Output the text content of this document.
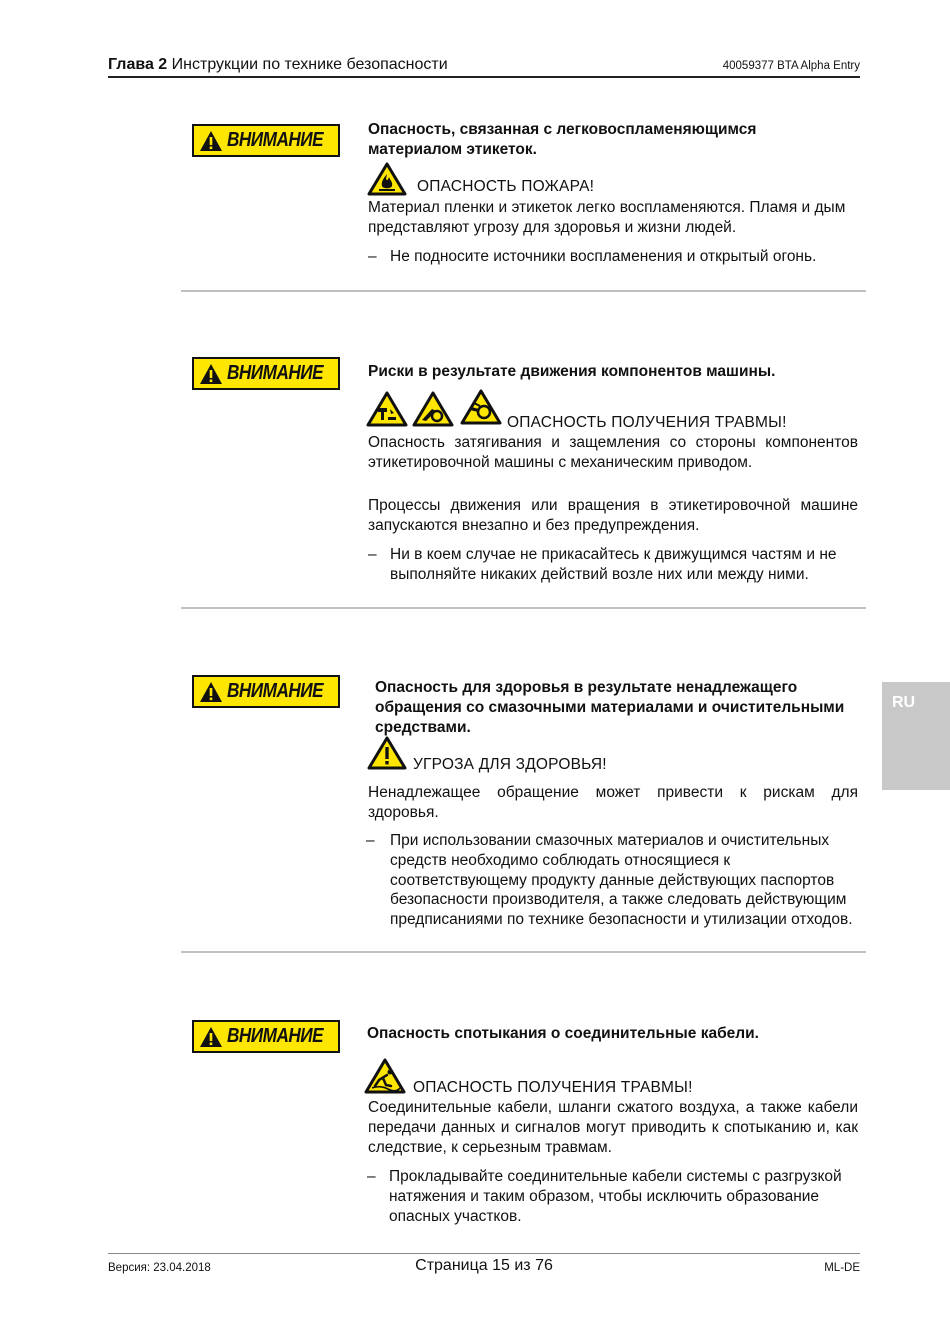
Глава 2 Инструкции по технике безопасности	40059377 BTA Alpha Entry
RU
ВНИМАНИЕ	Опасность, связанная с легковоспламеняющимся материалом этикеток.
ОПАСНОСТЬ ПОЖАРА!
Материал пленки и этикеток легко воспламеняются. Пламя и дым представляют угрозу для здоровья и жизни людей.
– Не подносите источники воспламенения и открытый огонь.
ВНИМАНИЕ	Риски в результате движения компонентов машины.
ОПАСНОСТЬ ПОЛУЧЕНИЯ ТРАВМЫ!
Опасность затягивания и защемления со стороны компонентов этикетировочной машины с механическим приводом.
Процессы движения или вращения в этикетировочной машине запускаются внезапно и без предупреждения.
– Ни в коем случае не прикасайтесь к движущимся частям и не выполняйте никаких действий возле них или между ними.
ВНИМАНИЕ	Опасность для здоровья в результате ненадлежащего обращения со смазочными материалами и очистительными средствами.
УГРОЗА ДЛЯ ЗДОРОВЬЯ!
Ненадлежащее обращение может привести к рискам для здоровья.
– При использовании смазочных материалов и очистительных средств необходимо соблюдать относящиеся к соответствующему продукту данные действующих паспортов безопасности производителя, а также следовать действующим предписаниями по технике безопасности и утилизации отходов.
ВНИМАНИЕ	Опасность спотыкания о соединительные кабели.
ОПАСНОСТЬ ПОЛУЧЕНИЯ ТРАВМЫ!
Соединительные кабели, шланги сжатого воздуха, а также кабели передачи данных и сигналов могут приводить к спотыканию и, как следствие, к серьезным травмам.
– Прокладывайте соединительные кабели системы с разгрузкой натяжения и таким образом, чтобы исключить образование опасных участков.
Версия: 23.04.2018	Страница 15 из 76	ML-DE
